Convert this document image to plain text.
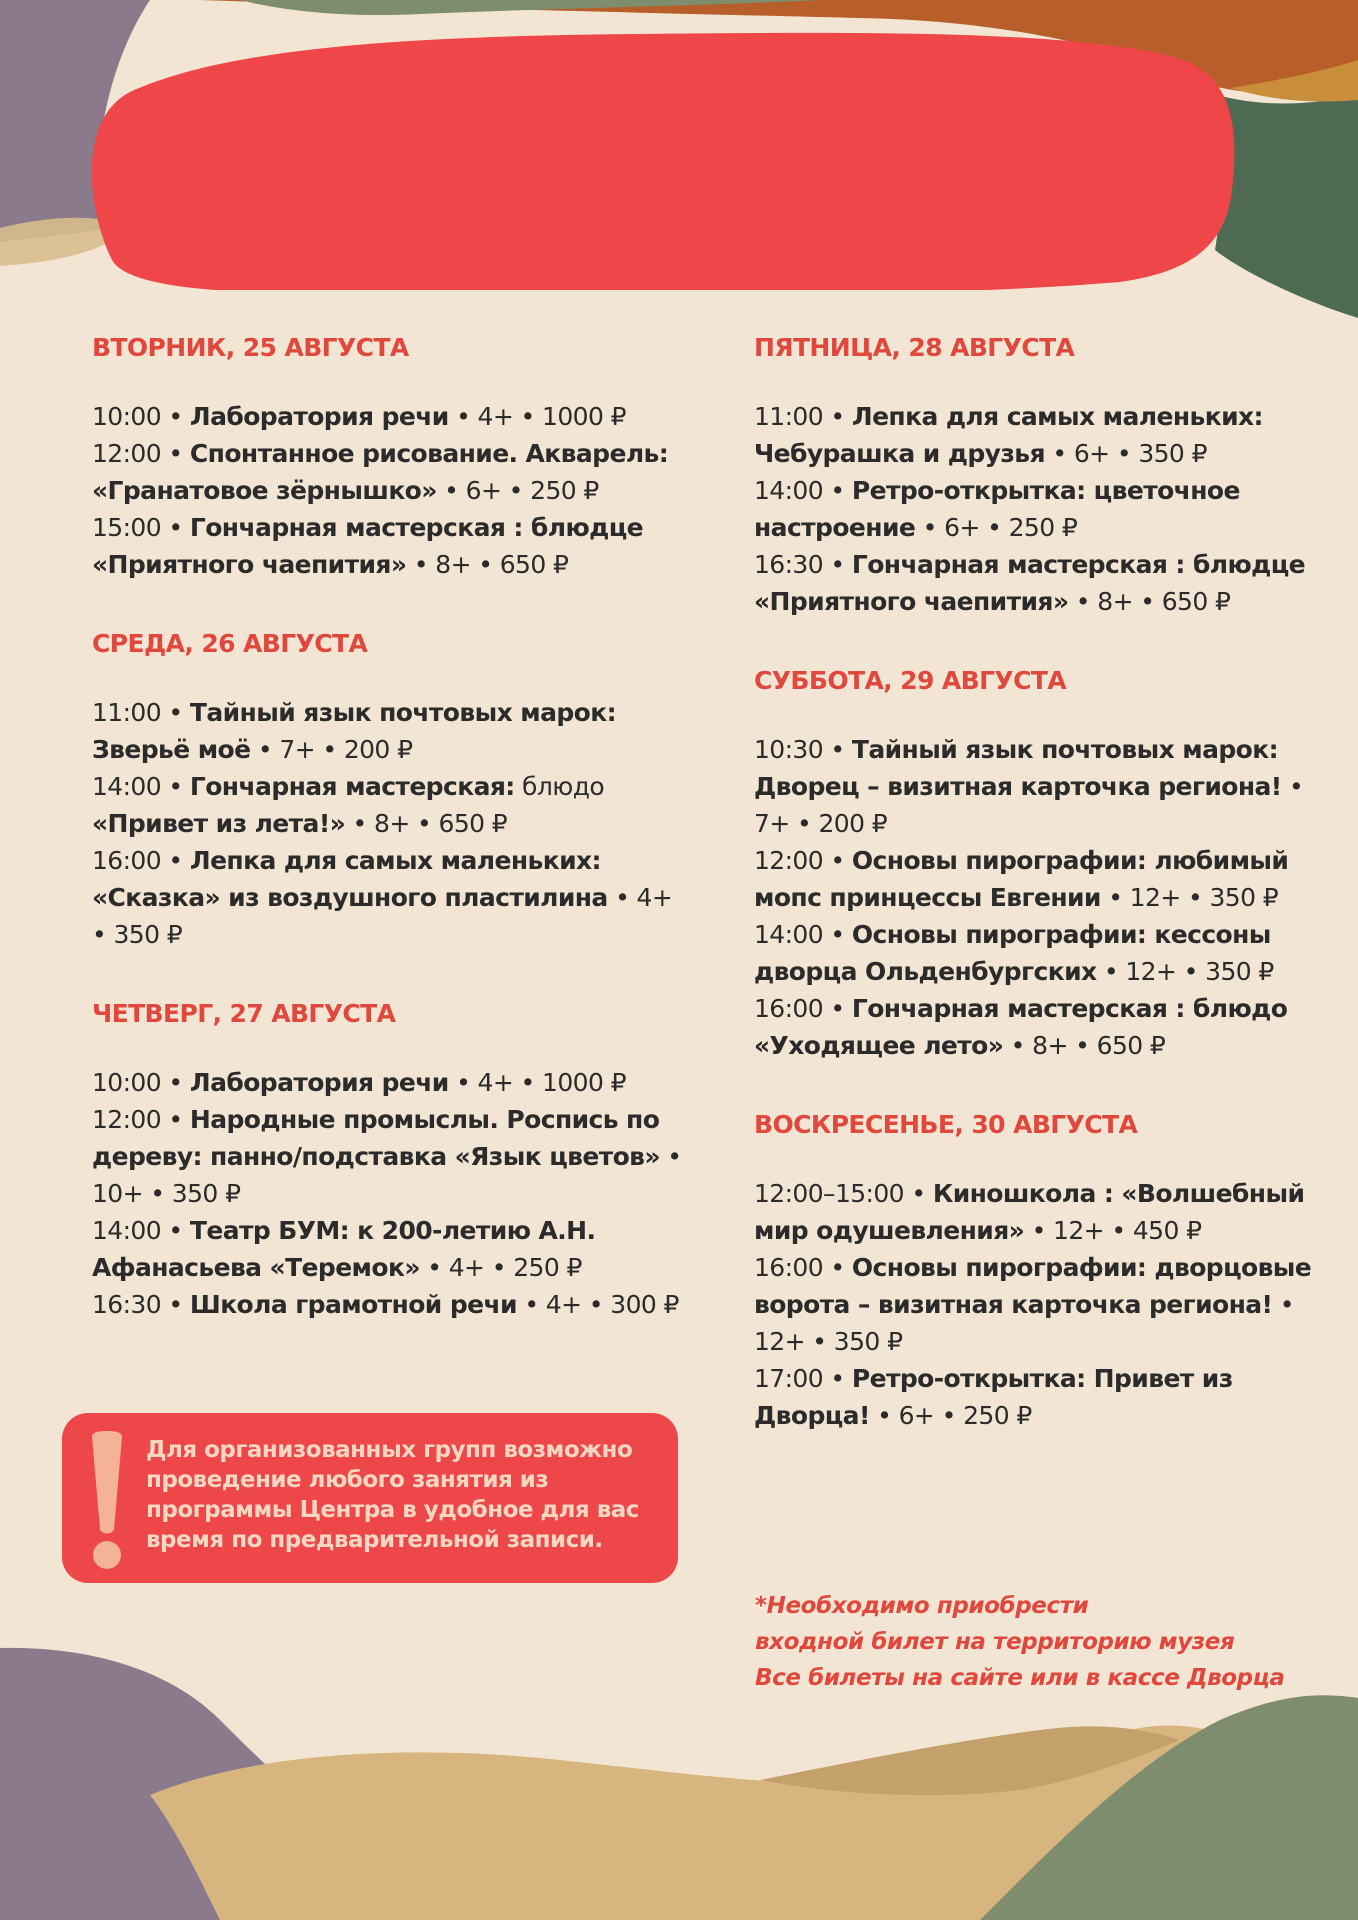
ВТОРНИК, 25 АВГУСТА
10:00 • Лаборатория речи • 4+ • 1000 ₽
12:00 • Спонтанное рисование. Акварель: «Гранатовое зёрнышко» • 6+ • 250 ₽
15:00 • Гончарная мастерская : блюдце «Приятного чаепития» • 8+ • 650 ₽
СРЕДА, 26 АВГУСТА
11:00 • Тайный язык почтовых марок: Зверьё моё • 7+ • 200 ₽
14:00 • Гончарная мастерская: блюдо
«Привет из лета!» • 8+ • 650 ₽
16:00 • Лепка для самых маленьких: «Сказка» из воздушного пластилина • 4+ • 350 ₽
ЧЕТВЕРГ, 27 АВГУСТА
10:00 • Лаборатория речи • 4+ • 1000 ₽
12:00 • Народные промыслы. Роспись по дереву: панно/подставка «Язык цветов» • 10+ • 350 ₽
14:00 • Театр БУМ: к 200-летию А.Н. Афанасьева «Теремок» • 4+ • 250 ₽
16:30 • Школа грамотной речи • 4+ • 300 ₽
ПЯТНИЦА, 28 АВГУСТА
11:00 • Лепка для самых маленьких: Чебурашка и друзья • 6+ • 350 ₽
14:00 • Ретро-открытка: цветочное настроение • 6+ • 250 ₽
16:30 • Гончарная мастерская : блюдце «Приятного чаепития» • 8+ • 650 ₽
СУББОТА, 29 АВГУСТА
10:30 • Тайный язык почтовых марок: Дворец – визитная карточка региона! • 7+ • 200 ₽
12:00 • Основы пирографии: любимый мопс принцессы Евгении • 12+ • 350 ₽
14:00 • Основы пирографии: кессоны дворца Ольденбургских • 12+ • 350 ₽
16:00 • Гончарная мастерская : блюдо «Уходящее лето» • 8+ • 650 ₽
ВОСКРЕСЕНЬЕ, 30 АВГУСТА
12:00–15:00 • Киношкола : «Волшебный мир одушевления» • 12+ • 450 ₽
16:00 • Основы пирографии: дворцовые ворота – визитная карточка региона! • 12+ • 350 ₽
17:00 • Ретро-открытка: Привет из Дворца! • 6+ • 250 ₽
Для организованных групп возможно проведение любого занятия из программы Центра в удобное для вас время по предварительной записи.
*Необходимо приобрести
входной билет на территорию музея
Все билеты на сайте или в кассе Дворца
